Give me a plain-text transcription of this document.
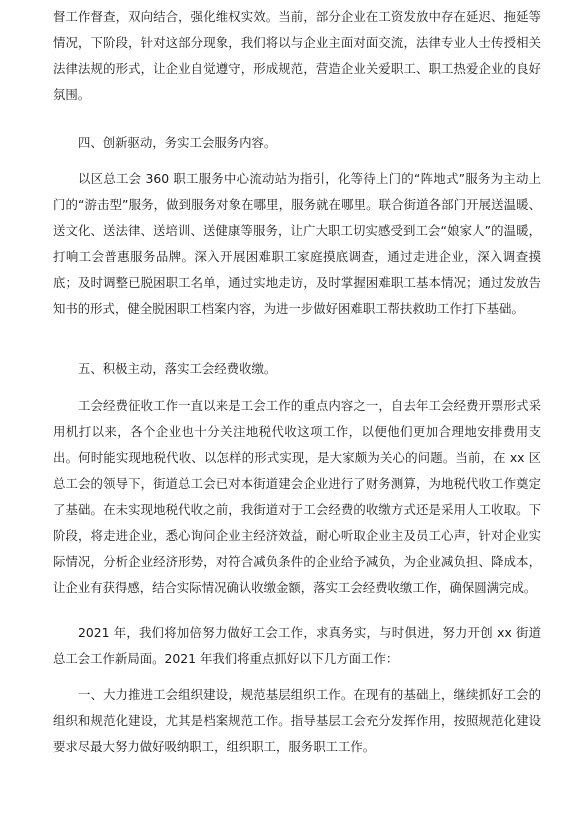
督工作督查，双向结合，强化维权实效。当前，部分企业在工资发放中存在延迟、拖延等情况，下阶段，针对这部分现象，我们将以与企业主面对面交流，法律专业人士传授相关法律法规的形式，让企业自觉遵守，形成规范，营造企业关爱职工、职工热爱企业的良好氛围。

四、创新驱动，务实工会服务内容。

以区总工会 360 职工服务中心流动站为指引，化等待上门的“阵地式”服务为主动上门的“游击型”服务，做到服务对象在哪里，服务就在哪里。联合街道各部门开展送温暖、送文化、送法律、送培训、送健康等服务，让广大职工切实感受到工会“娘家人”的温暖，打响工会普惠服务品牌。深入开展困难职工家庭摸底调查，通过走进企业，深入调查摸底；及时调整已脱困职工名单，通过实地走访，及时掌握困难职工基本情况；通过发放告知书的形式，健全脱困职工档案内容，为进一步做好困难职工帮扶救助工作打下基础。

五、积极主动，落实工会经费收缴。

工会经费征收工作一直以来是工会工作的重点内容之一，自去年工会经费开票形式采用机打以来，各个企业也十分关注地税代收这项工作，以便他们更加合理地安排费用支出。何时能实现地税代收、以怎样的形式实现，是大家颇为关心的问题。当前，在 xx 区总工会的领导下，街道总工会已对本街道建会企业进行了财务测算，为地税代收工作奠定了基础。在未实现地税代收之前，我街道对于工会经费的收缴方式还是采用人工收取。下阶段，将走进企业，悉心询问企业主经济效益，耐心听取企业主及员工心声，针对企业实际情况，分析企业经济形势，对符合减负条件的企业给予减负，为企业减负担、降成本，让企业有获得感，结合实际情况确认收缴金额，落实工会经费收缴工作，确保圆满完成。

2021 年，我们将加倍努力做好工会工作，求真务实，与时俱进，努力开创 xx 街道总工会工作新局面。2021 年我们将重点抓好以下几方面工作：

一、大力推进工会组织建设，规范基层组织工作。在现有的基础上，继续抓好工会的组织和规范化建设，尤其是档案规范工作。指导基层工会充分发挥作用，按照规范化建设要求尽最大努力做好吸纳职工，组织职工，服务职工工作。
